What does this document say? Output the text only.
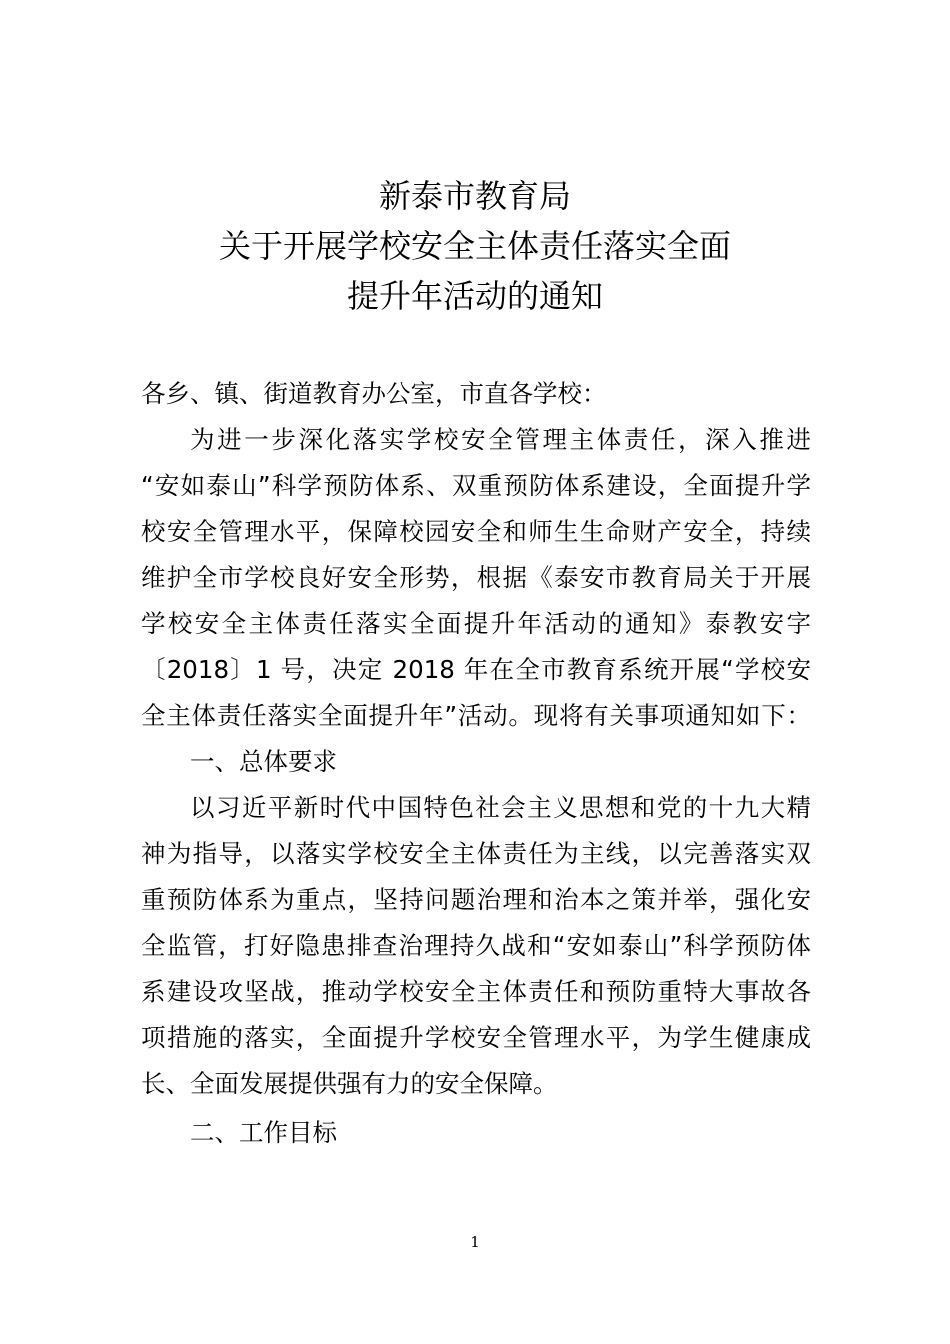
新泰市教育局
关于开展学校安全主体责任落实全面
提升年活动的通知
各乡、镇、街道教育办公室，市直各学校：
为进一步深化落实学校安全管理主体责任，深入推进
“安如泰山”科学预防体系、双重预防体系建设，全面提升学
校安全管理水平，保障校园安全和师生生命财产安全，持续
维护全市学校良好安全形势，根据《泰安市教育局关于开展
学校安全主体责任落实全面提升年活动的通知》泰教安字
〔2018〕1 号，决定 2018 年在全市教育系统开展“学校安
全主体责任落实全面提升年”活动。现将有关事项通知如下：
一、总体要求
以习近平新时代中国特色社会主义思想和党的十九大精
神为指导，以落实学校安全主体责任为主线，以完善落实双
重预防体系为重点，坚持问题治理和治本之策并举，强化安
全监管，打好隐患排查治理持久战和“安如泰山”科学预防体
系建设攻坚战，推动学校安全主体责任和预防重特大事故各
项措施的落实，全面提升学校安全管理水平，为学生健康成
长、全面发展提供强有力的安全保障。
二、工作目标
1
